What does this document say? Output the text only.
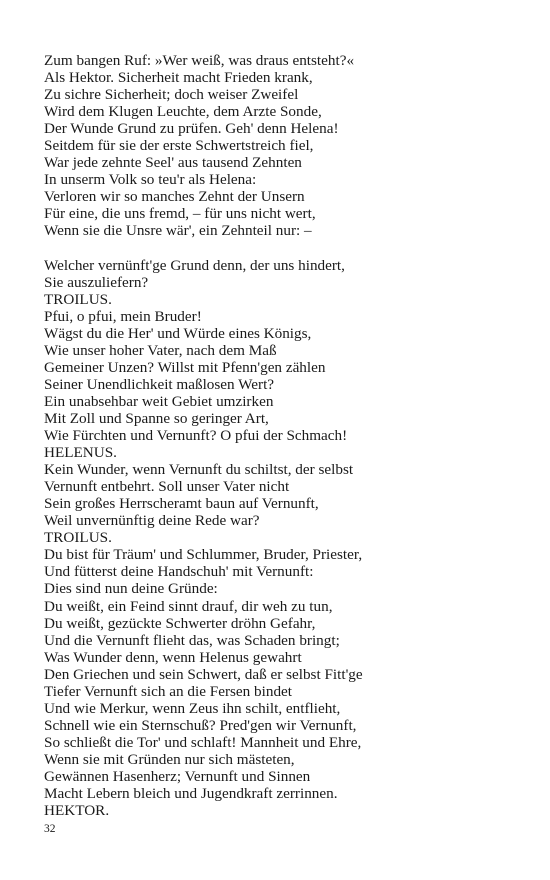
Zum bangen Ruf: »Wer weiß, was draus entsteht?«
Als Hektor. Sicherheit macht Frieden krank,
Zu sichre Sicherheit; doch weiser Zweifel
Wird dem Klugen Leuchte, dem Arzte Sonde,
Der Wunde Grund zu prüfen. Geh' denn Helena!
Seitdem für sie der erste Schwertstreich fiel,
War jede zehnte Seel' aus tausend Zehnten
In unserm Volk so teu'r als Helena:
Verloren wir so manches Zehnt der Unsern
Für eine, die uns fremd, – für uns nicht wert,
Wenn sie die Unsre wär', ein Zehnteil nur: –
Welcher vernünft'ge Grund denn, der uns hindert,
Sie auszuliefern?
TROILUS.
Pfui, o pfui, mein Bruder!
Wägst du die Her' und Würde eines Königs,
Wie unser hoher Vater, nach dem Maß
Gemeiner Unzen? Willst mit Pfenn'gen zählen
Seiner Unendlichkeit maßlosen Wert?
Ein unabsehbar weit Gebiet umzirken
Mit Zoll und Spanne so geringer Art,
Wie Fürchten und Vernunft? O pfui der Schmach!
HELENUS.
Kein Wunder, wenn Vernunft du schiltst, der selbst
Vernunft entbehrt. Soll unser Vater nicht
Sein großes Herrscheramt baun auf Vernunft,
Weil unvernünftig deine Rede war?
TROILUS.
Du bist für Träum' und Schlummer, Bruder, Priester,
Und fütterst deine Handschuh' mit Vernunft:
Dies sind nun deine Gründe:
Du weißt, ein Feind sinnt drauf, dir weh zu tun,
Du weißt, gezückte Schwerter dröhn Gefahr,
Und die Vernunft flieht das, was Schaden bringt;
Was Wunder denn, wenn Helenus gewahrt
Den Griechen und sein Schwert, daß er selbst Fitt'ge
Tiefer Vernunft sich an die Fersen bindet
Und wie Merkur, wenn Zeus ihn schilt, entflieht,
Schnell wie ein Sternschuß? Pred'gen wir Vernunft,
So schließt die Tor' und schlaft! Mannheit und Ehre,
Wenn sie mit Gründen nur sich mästeten,
Gewännen Hasenherz; Vernunft und Sinnen
Macht Lebern bleich und Jugendkraft zerrinnen.
HEKTOR.
32
